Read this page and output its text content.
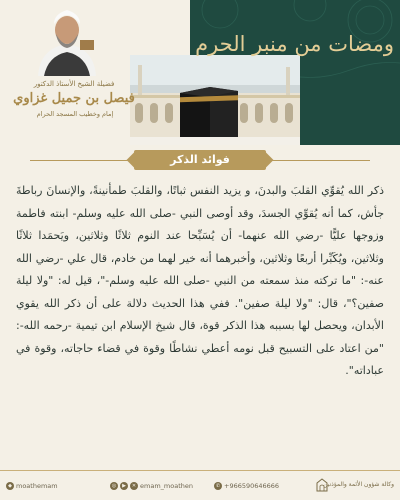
فضيلة الشيخ الأستاذ الدكتور
فيصل بن جميل غزاوي
إمام وخطيب المسجد الحرام
ومضات من منبر الحرم
فوائد الذكر
ذكر الله يُقوِّي القلبَ والبدنَ، و يزيد النفس ثباتًا، والقلبَ طمأنينةً، والإنسانَ رباطةَ جأش، كما أنه يُقوِّي الجسدَ، وقد أوصى النبي -صلى الله عليه وسلم- ابنته فاطمة وزوجها عليًّا -رضي الله عنهما- أن يُسَبِّحا عند النوم ثلاثًا وثلاثين، ويَحمَدا ثلاثًا وثلاثين، ويُكَبِّرا أربعًا وثلاثين، وأخبرهما أنه خير لهما من خادم، قال علي -رضي الله عنه-: "ما تركته منذ سمعته من النبي -صلى الله عليه وسلم-"، قيل له: "ولا ليلة صفين؟"، قال: "ولا ليلة صفين". ففي هذا الحديث دلالة على أن ذكر الله يقوي الأبدان، ويحصل لها بسببه هذا الذكر قوة، قال شيخ الإسلام ابن تيمية -رحمه الله-: "من اعتاد على التسبيح قبل نومه أعطي نشاطًا وقوة في قضاء حاجاته، وقوة في عباداته".
◆ moathemam	◎	▶	✕ emam_moathen	✆ +966590646666	وكالة شؤون الأئمة والمؤذنين
